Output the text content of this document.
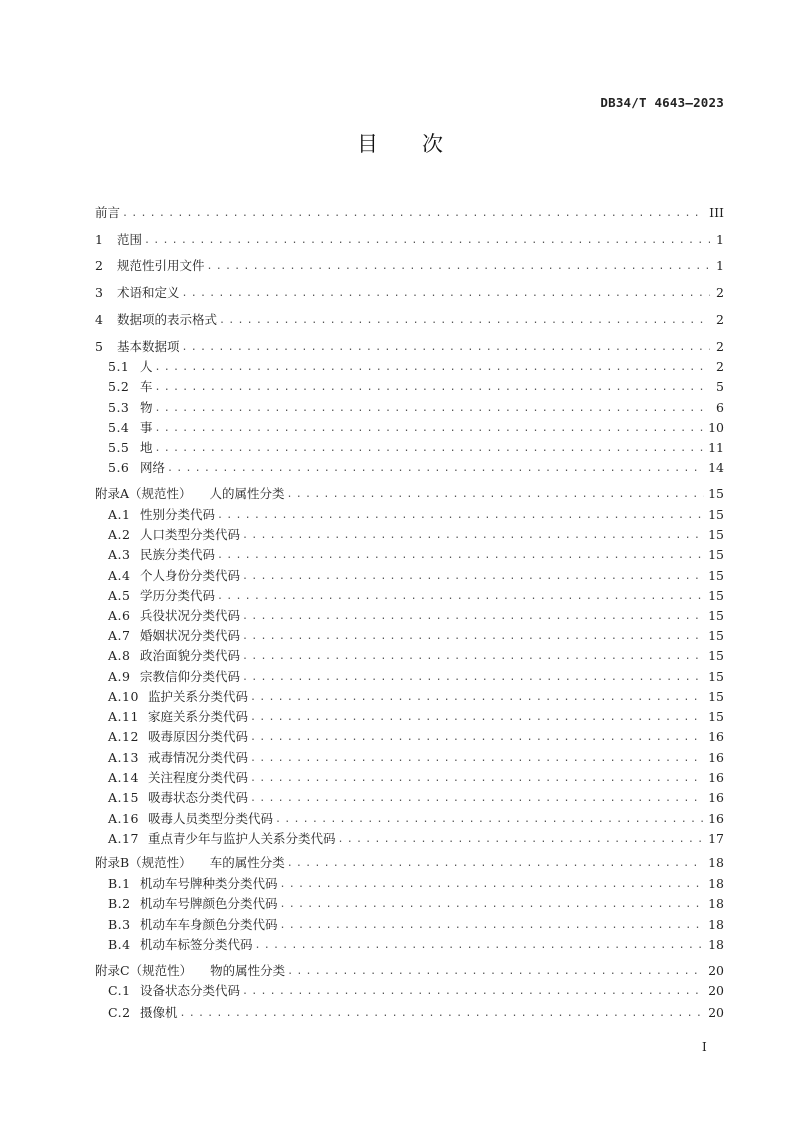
DB34/T 4643—2023
目 次
前言 .....	III
1	范围 .....	1
2	规范性引用文件 .....	1
3	术语和定义 .....	2
4	数据项的表示格式 .....	2
5	基本数据项 .....	2
5.1 人 .....	2
5.2 车 .....	5
5.3 物 .....	6
5.4 事 .....	10
5.5 地 .....	11
5.6 网络 .....	14
附录A（规范性） 人的属性分类 .....	15
A.1 性别分类代码 .....	15
A.2 人口类型分类代码 .....	15
A.3 民族分类代码 .....	15
A.4 个人身份分类代码 .....	15
A.5 学历分类代码 .....	15
A.6 兵役状况分类代码 .....	15
A.7 婚姻状况分类代码 .....	15
A.8 政治面貌分类代码 .....	15
A.9 宗教信仰分类代码 .....	15
A.10 监护关系分类代码 .....	15
A.11 家庭关系分类代码 .....	15
A.12 吸毒原因分类代码 .....	16
A.13 戒毒情况分类代码 .....	16
A.14 关注程度分类代码 .....	16
A.15 吸毒状态分类代码 .....	16
A.16 吸毒人员类型分类代码 .....	16
A.17 重点青少年与监护人关系分类代码 .....	17
附录B（规范性） 车的属性分类 .....	18
B.1 机动车号牌种类分类代码 .....	18
B.2 机动车号牌颜色分类代码 .....	18
B.3 机动车车身颜色分类代码 .....	18
B.4 机动车标签分类代码 .....	18
附录C（规范性） 物的属性分类 .....	20
C.1 设备状态分类代码 .....	20
C.2 摄像机 .....	20
I
